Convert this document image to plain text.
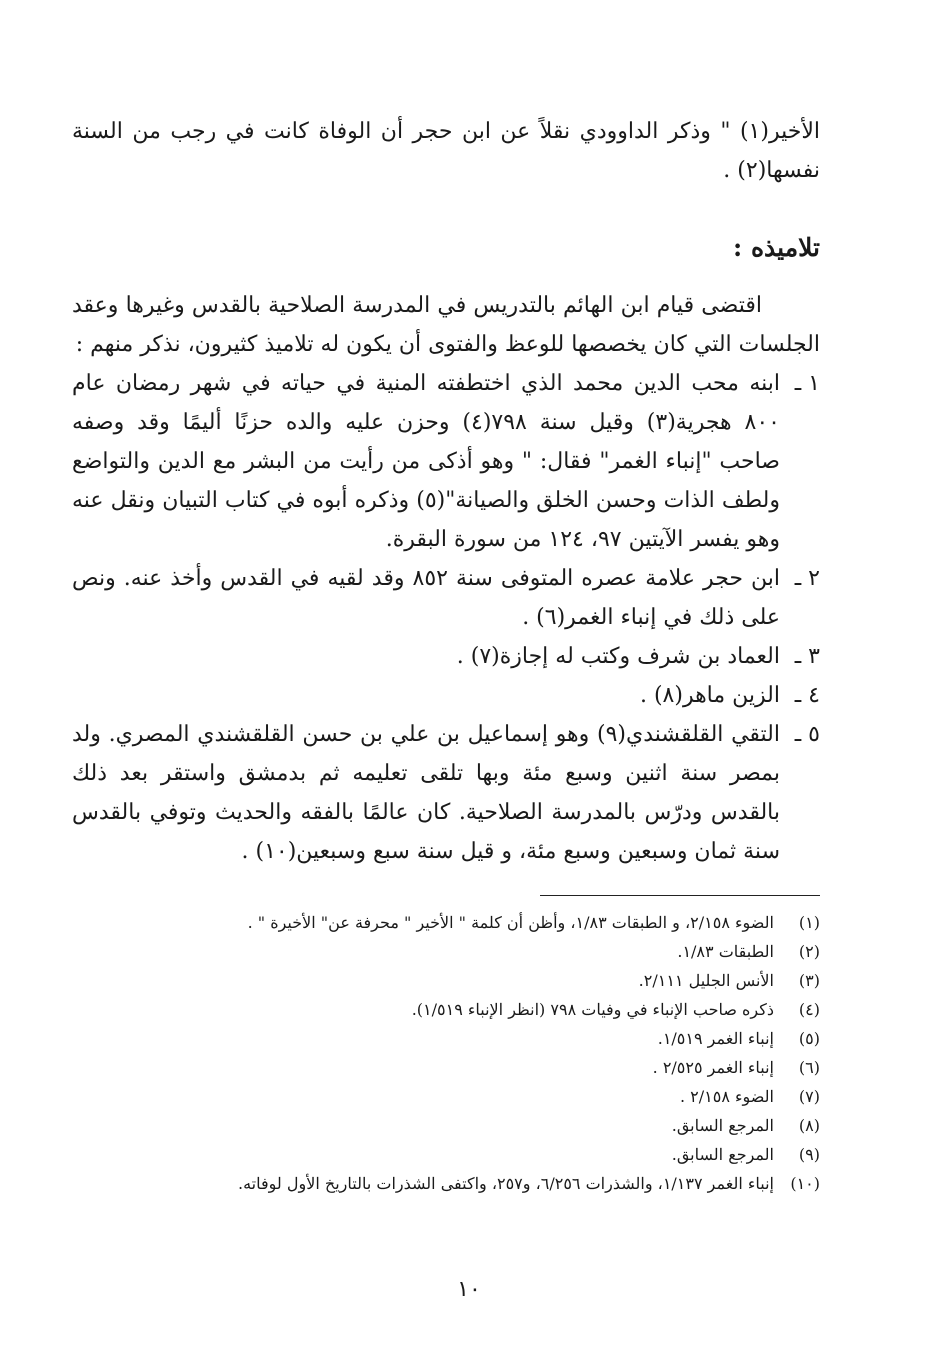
الأخير(١) " وذكر الداوودي نقلاً عن ابن حجر أن الوفاة كانت في رجب من السنة نفسها(٢) .

تلاميذه :

اقتضى قيام ابن الهائم بالتدريس في المدرسة الصلاحية بالقدس وغيرها وعقد الجلسات التي كان يخصصها للوعظ والفتوى أن يكون له تلاميذ كثيرون، نذكر منهم :

١ ـ
ابنه محب الدين محمد الذي اختطفته المنية في حياته في شهر رمضان عام ٨٠٠ هجرية(٣) وقيل سنة ٧٩٨(٤) وحزن عليه والده حزنًا أليمًا وقد وصفه صاحب "إنباء الغمر" فقال: " وهو أذكى من رأيت من البشر مع الدين والتواضع ولطف الذات وحسن الخلق والصيانة"(٥) وذكره أبوه في كتاب التبيان ونقل عنه وهو يفسر الآيتين ٩٧، ١٢٤ من سورة البقرة.
٢ ـ
ابن حجر علامة عصره المتوفى سنة ٨٥٢ وقد لقيه في القدس وأخذ عنه. ونص على ذلك في إنباء الغمر(٦) .
٣ ـ
العماد بن شرف وكتب له إجازة(٧) .
٤ ـ
الزين ماهر(٨) .
٥ ـ
التقي القلقشندي(٩) وهو إسماعيل بن علي بن حسن القلقشندي المصري. ولد بمصر سنة اثنين وسبع مئة وبها تلقى تعليمه ثم بدمشق واستقر بعد ذلك بالقدس ودرّس بالمدرسة الصلاحية. كان عالمًا بالفقه والحديث وتوفي بالقدس سنة ثمان وسبعين وسبع مئة، و قيل سنة سبع وسبعين(١٠) .
(١)
الضوء ٢/١٥٨، و الطبقات ١/٨٣، وأظن أن كلمة " الأخير " محرفة عن" الأخيرة " .
(٢)
الطبقات ١/٨٣.
(٣)
الأنس الجليل ٢/١١١.
(٤)
ذكره صاحب الإنباء في وفيات ٧٩٨ (انظر الإنباء ١/٥١٩).
(٥)
إنباء الغمر ١/٥١٩.
(٦)
إنباء الغمر ٢/٥٢٥ .
(٧)
الضوء ٢/١٥٨ .
(٨)
المرجع السابق.
(٩)
المرجع السابق.
(١٠)
إنباء الغمر ١/١٣٧، والشذرات ٦/٢٥٦، و٢٥٧، واكتفى الشذرات بالتاريخ الأول لوفاته.
١٠
